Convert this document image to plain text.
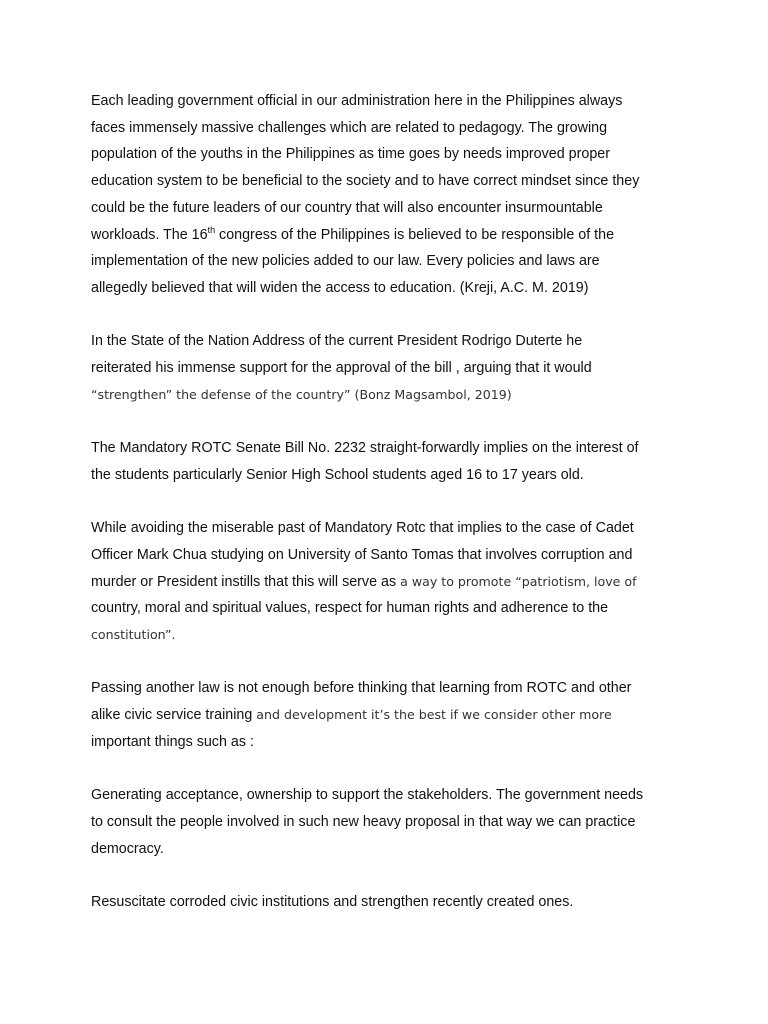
Each leading government official in our administration here in the Philippines always
faces immensely massive challenges which are related to pedagogy. The growing
population of the youths in the Philippines as time goes by needs improved proper
education system to be beneficial to the society and to have correct mindset since they
could be the future leaders of our country that will also encounter insurmountable
workloads. The 16th congress of the Philippines is believed to be responsible of the
implementation of the new policies added to our law. Every policies and laws are
allegedly believed that will widen the access to education. (Kreji, A.C. M. 2019)

In the State of the Nation Address of the current President Rodrigo Duterte he
reiterated his immense support for the approval of the bill , arguing that it would
“strengthen” the defense of the country” (Bonz Magsambol, 2019)

The Mandatory ROTC Senate Bill No. 2232 straight-forwardly implies on the interest of
the students particularly Senior High School students aged 16 to 17 years old.

While avoiding the miserable past of Mandatory Rotc that implies to the case of Cadet
Officer Mark Chua studying on University of Santo Tomas that involves corruption and
murder or President instills that this will serve as a way to promote “patriotism, love of
country, moral and spiritual values, respect for human rights and adherence to the
constitution”.

Passing another law is not enough before thinking that learning from ROTC and other
alike civic service training and development it’s the best if we consider other more
important things such as :

Generating acceptance, ownership to support the stakeholders. The government needs
to consult the people involved in such new heavy proposal in that way we can practice
democracy.

Resuscitate corroded civic institutions and strengthen recently created ones.
